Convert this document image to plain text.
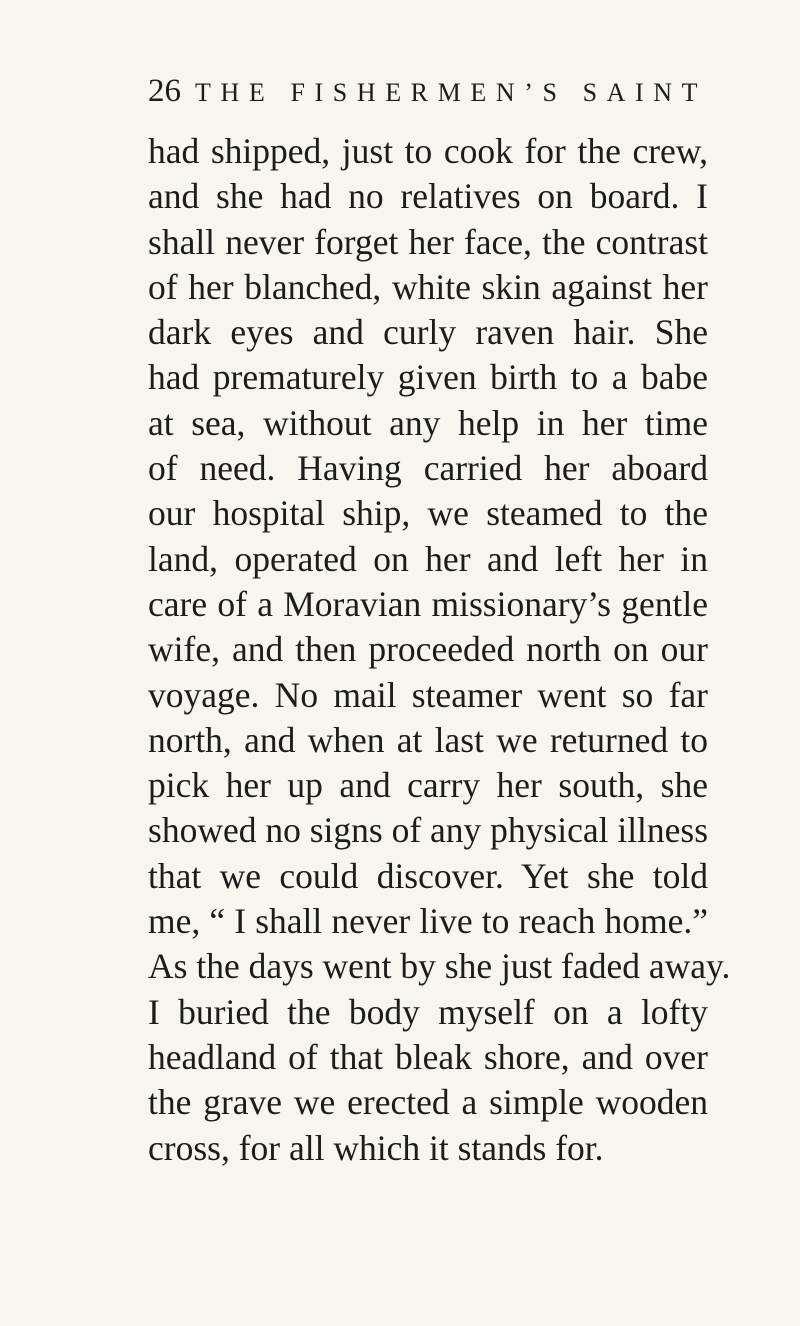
26 THE FISHERMEN’S SAINT
had shipped, just to cook for the crew,
and she had no relatives on board. I
shall never forget her face, the contrast
of her blanched, white skin against her
dark eyes and curly raven hair. She
had prematurely given birth to a babe
at sea, without any help in her time
of need. Having carried her aboard
our hospital ship, we steamed to the
land, operated on her and left her in
care of a Moravian missionary’s gentle
wife, and then proceeded north on our
voyage. No mail steamer went so far
north, and when at last we returned to
pick her up and carry her south, she
showed no signs of any physical illness
that we could discover. Yet she told
me, “ I shall never live to reach home.”
As the days went by she just faded away.
I buried the body myself on a lofty
headland of that bleak shore, and over
the grave we erected a simple wooden
cross, for all which it stands for.
